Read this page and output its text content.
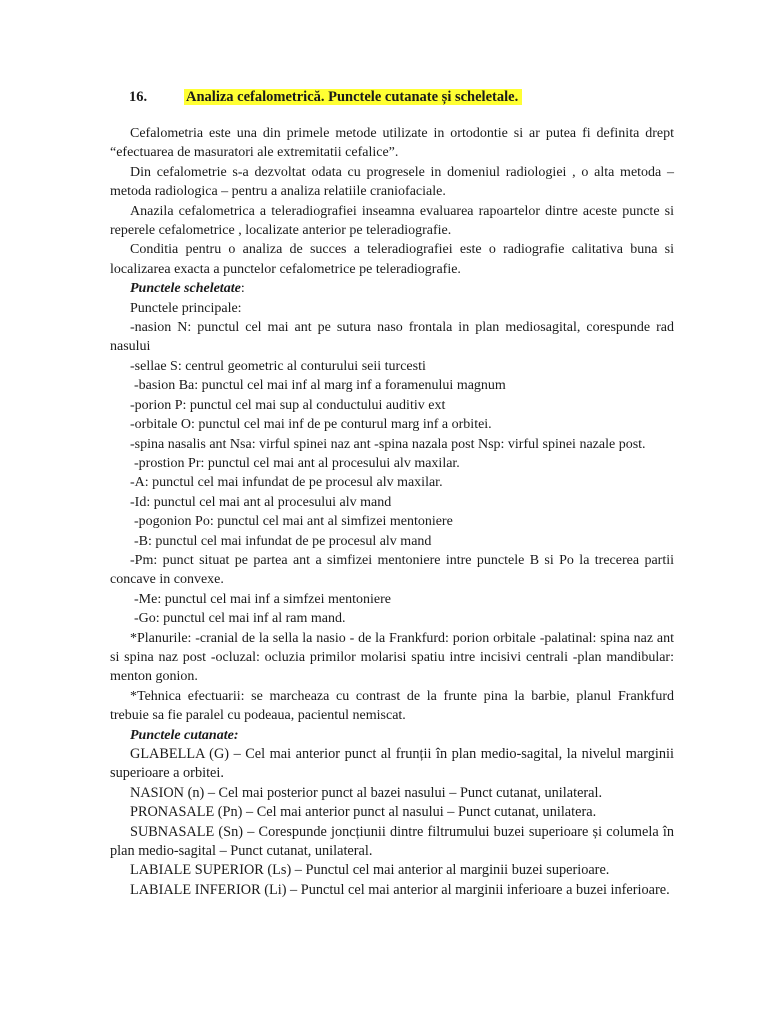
16.	Analiza cefalometrică. Punctele cutanate și scheletale.

Cefalometria este una din primele metode utilizate in ortodontie si ar putea fi definita drept “efectuarea de masuratori ale extremitatii cefalice”.

Din cefalometrie s-a dezvoltat odata cu progresele in domeniul radiologiei , o alta metoda –metoda radiologica – pentru a analiza relatiile craniofaciale.

Anazila cefalometrica a teleradiografiei inseamna evaluarea rapoartelor dintre aceste puncte si reperele cefalometrice , localizate anterior pe teleradiografie.

Conditia pentru o analiza de succes a teleradiografiei este o radiografie calitativa buna si localizarea exacta a punctelor cefalometrice pe teleradiografie.

Punctele scheletate:

Punctele principale:

-nasion N: punctul cel mai ant pe sutura naso frontala in plan mediosagital, corespunde rad nasului

-sellae S: centrul geometric al conturului seii turcesti

-basion Ba: punctul cel mai inf al marg inf a foramenului magnum

-porion P: punctul cel mai sup al conductului auditiv ext

-orbitale O: punctul cel mai inf de pe conturul marg inf a orbitei.

-spina nasalis ant Nsa: virful spinei naz ant -spina nazala post Nsp: virful spinei nazale post.

-prostion Pr: punctul cel mai ant al procesului alv maxilar.

-A: punctul cel mai infundat de pe procesul alv maxilar.

-Id: punctul cel mai ant al procesului alv mand

-pogonion Po: punctul cel mai ant al simfizei mentoniere

-B: punctul cel mai infundat de pe procesul alv mand

-Pm: punct situat pe partea ant a simfizei mentoniere intre punctele B si Po la trecerea partii concave in convexe.

-Me: punctul cel mai inf a simfzei mentoniere

-Go: punctul cel mai inf al ram mand.

*Planurile: -cranial de la sella la nasio - de la Frankfurd: porion orbitale -palatinal: spina naz ant si spina naz post -ocluzal: ocluzia primilor molarisi spatiu intre incisivi centrali -plan mandibular: menton gonion.

*Tehnica efectuarii: se marcheaza cu contrast de la frunte pina la barbie, planul Frankfurd trebuie sa fie paralel cu podeaua, pacientul nemiscat.

Punctele cutanate:

GLABELLA (G) – Cel mai anterior punct al frunții în plan medio-sagital, la nivelul marginii superioare a orbitei.

NASION (n) – Cel mai posterior punct al bazei nasului – Punct cutanat, unilateral.

PRONASALE (Pn) – Cel mai anterior punct al nasului – Punct cutanat, unilatera.

SUBNASALE (Sn) – Corespunde joncțiunii dintre filtrumului buzei superioare și columela în plan medio-sagital – Punct cutanat, unilateral.

LABIALE SUPERIOR (Ls) – Punctul cel mai anterior al marginii buzei superioare.

LABIALE INFERIOR (Li) – Punctul cel mai anterior al marginii inferioare a buzei inferioare.
